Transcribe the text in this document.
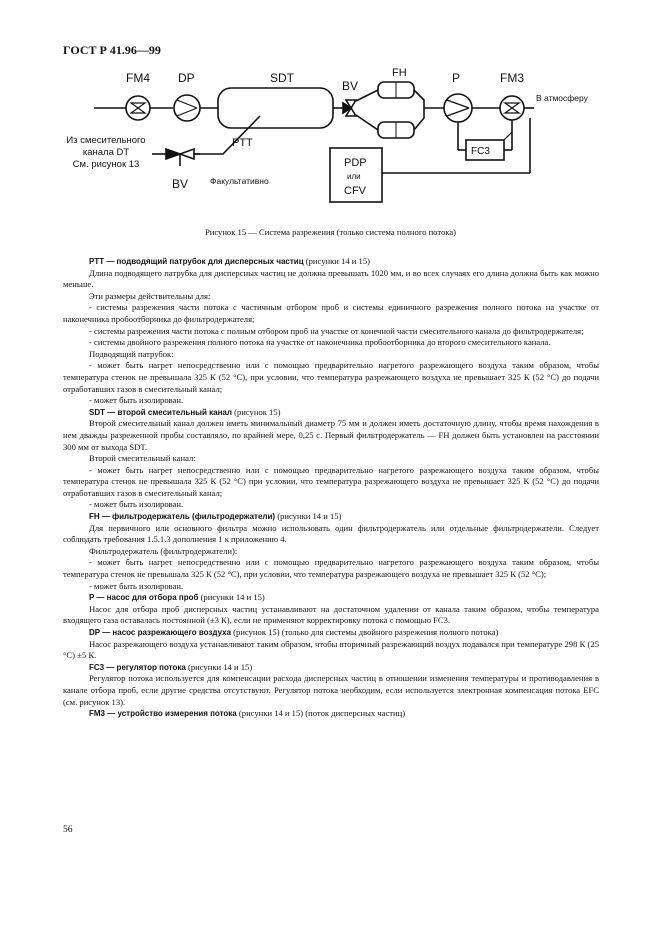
ГОСТ Р 41.96—99
FM4 DP	SDT
BV
FH	P	FM3
В атмосферу
PTT
FC3
BV	Факультативно
PDP
или
CFV
Из смесительного
канала DT
См. рисунок 13
Рисунок 15 — Система разрежения (только система полного потока)

PTT — подводящий патрубок для дисперсных частиц (рисунки 14 и 15)

Длина подводящего патрубка для дисперсных частиц не должна превышать 1020 мм, и во всех случаях его длина должна быть как можно меньше.

Эти размеры действительны для:

- системы разрежения части потока с частичным отбором проб и системы единичного разрежения полного потока на участке от наконечника пробоотборника до фильтродержателя;

- системы разрежения части потока с полным отбором проб на участке от конечной части смесительного канала до фильтродержателя;

- системы двойного разрежения полного потока на участке от наконечника пробоотборника до второго смесительного канала.

Подводящий патрубок:

- может быть нагрет непосредственно или с помощью предварительно нагретого разрежающего воздуха таким образом, чтобы температура стенок не превышала 325 К (52 °С), при условии, что температура разрежающего воздуха не превышает 325 К (52 °С) до подачи отработавших газов в смесительный канал;

- может быть изолирован.

SDT — второй смесительный канал (рисунок 15)

Второй смесительный канал должен иметь минимальный диаметр 75 мм и должен иметь достаточную длину, чтобы время нахождения в нем дважды разреженной пробы составляло, по крайней мере, 0,25 с. Первый фильтродержатель — FH должен быть установлен на расстоянии 300 мм от выхода SDT.

Второй смесительный канал:

- может быть нагрет непосредственно или с помощью предварительно нагретого разрежающего воздуха таким образом, чтобы температура стенок не превышала 325 К (52 °С) при условии, что температура разрежающего воздуха не превышает 325 К (52 °С) до подачи отработавших газов в смесительный канал;

- может быть изолирован.

FH — фильтродержатель (фильтродержатели) (рисунки 14 и 15)

Для первичного или основного фильтра можно использовать один фильтродержатель или отдельные фильтродержатели. Следует соблюдать требования 1.5.1.3 дополнения 1 к приложению 4.

Фильтродержатель (фильтродержатели):

- может быть нагрет непосредственно или с помощью предварительно нагретого разрежающего воздуха таким образом, чтобы температура стенок не превышала 325 К (52 °С), при условии, что температура разрежающего воздуха не превышает 325 К (52 °С);

- может быть изолирован.

P — насос для отбора проб (рисунки 14 и 15)

Насос для отбора проб дисперсных частиц устанавливают на достаточном удалении от канала таким образом, чтобы температура входящего газа оставалась постоянной (±3 К), если не применяют корректировку потока с помощью FC3.

DP — насос разрежающего воздуха (рисунок 15) (только для системы двойного разрежения полного потока)

Насос разрежающего воздуха устанавливают таким образом, чтобы вторичный разрежающий воздух подавался при температуре 298 К (25 °С) ±5 К.

FC3 — регулятор потока (рисунки 14 и 15)

Регулятор потока используется для компенсации расхода дисперсных частиц в отношении изменения температуры и противодавления в канале отбора проб, если другие средства отсутствуют. Регулятор потока необходим, если используется электронная компенсация потока EFC (см. рисунок 13).

FM3 — устройство измерения потока (рисунки 14 и 15) (поток дисперсных частиц)

56
